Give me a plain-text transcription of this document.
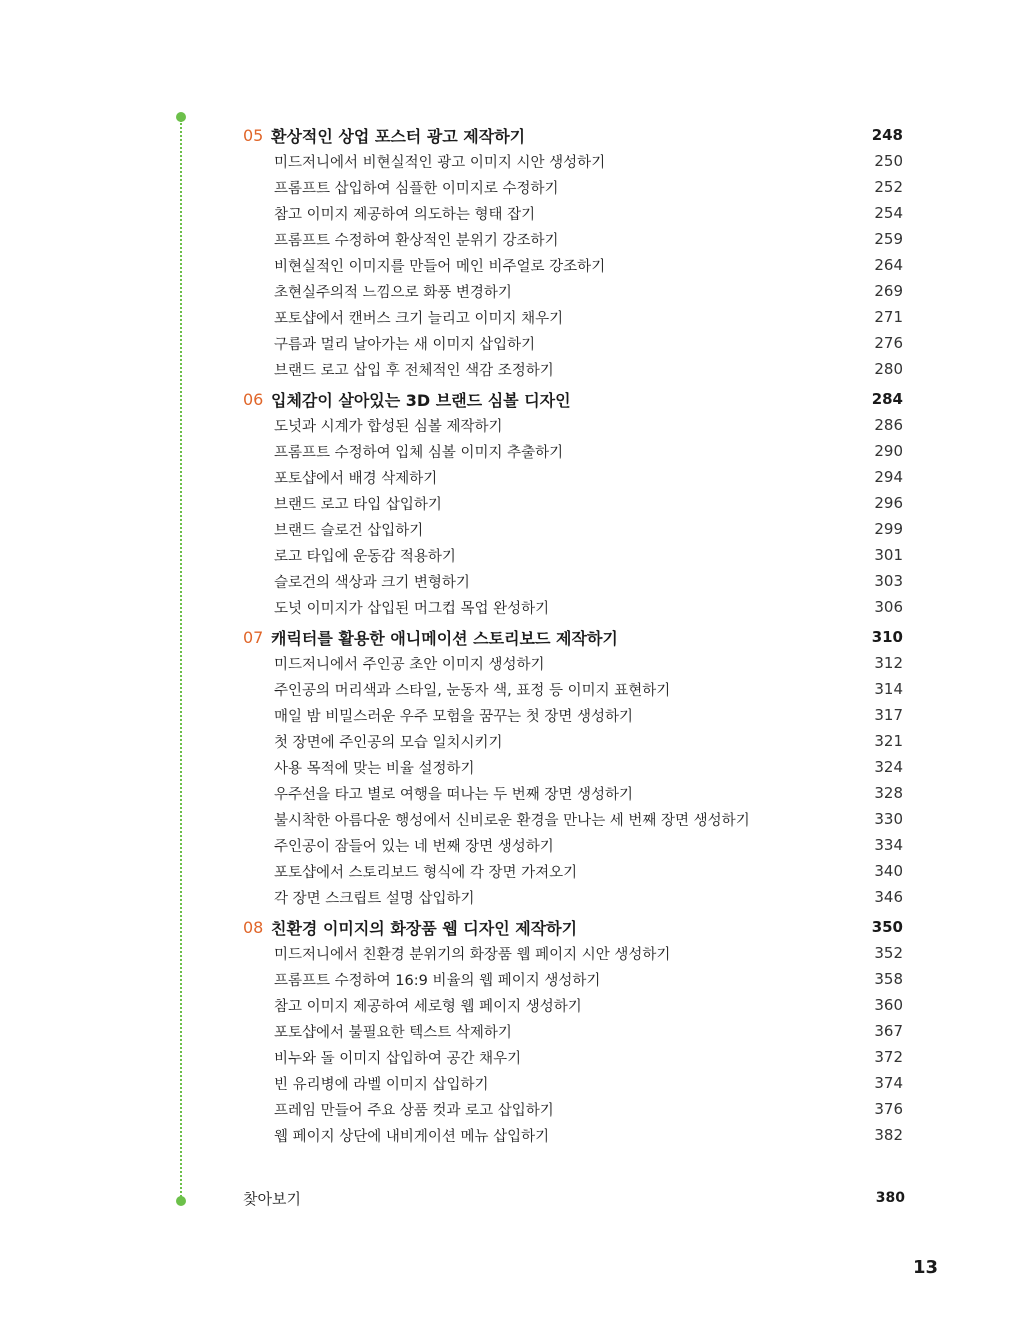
05 환상적인 상업 포스터 광고 제작하기	248
미드저니에서 비현실적인 광고 이미지 시안 생성하기	250
프롬프트 삽입하여 심플한 이미지로 수정하기	252
참고 이미지 제공하여 의도하는 형태 잡기	254
프롬프트 수정하여 환상적인 분위기 강조하기	259
비현실적인 이미지를 만들어 메인 비주얼로 강조하기	264
초현실주의적 느낌으로 화풍 변경하기	269
포토샵에서 캔버스 크기 늘리고 이미지 채우기	271
구름과 멀리 날아가는 새 이미지 삽입하기	276
브랜드 로고 삽입 후 전체적인 색감 조정하기	280
06 입체감이 살아있는 3D 브랜드 심볼 디자인	284
도넛과 시계가 합성된 심볼 제작하기	286
프롬프트 수정하여 입체 심볼 이미지 추출하기	290
포토샵에서 배경 삭제하기	294
브랜드 로고 타입 삽입하기	296
브랜드 슬로건 삽입하기	299
로고 타입에 운동감 적용하기	301
슬로건의 색상과 크기 변형하기	303
도넛 이미지가 삽입된 머그컵 목업 완성하기	306
07 캐릭터를 활용한 애니메이션 스토리보드 제작하기	310
미드저니에서 주인공 초안 이미지 생성하기	312
주인공의 머리색과 스타일, 눈동자 색, 표정 등 이미지 표현하기	314
매일 밤 비밀스러운 우주 모험을 꿈꾸는 첫 장면 생성하기	317
첫 장면에 주인공의 모습 일치시키기	321
사용 목적에 맞는 비율 설정하기	324
우주선을 타고 별로 여행을 떠나는 두 번째 장면 생성하기	328
불시착한 아름다운 행성에서 신비로운 환경을 만나는 세 번째 장면 생성하기	330
주인공이 잠들어 있는 네 번째 장면 생성하기	334
포토샵에서 스토리보드 형식에 각 장면 가져오기	340
각 장면 스크립트 설명 삽입하기	346
08 친환경 이미지의 화장품 웹 디자인 제작하기	350
미드저니에서 친환경 분위기의 화장품 웹 페이지 시안 생성하기	352
프롬프트 수정하여 16:9 비율의 웹 페이지 생성하기	358
참고 이미지 제공하여 세로형 웹 페이지 생성하기	360
포토샵에서 불필요한 텍스트 삭제하기	367
비누와 돌 이미지 삽입하여 공간 채우기	372
빈 유리병에 라벨 이미지 삽입하기	374
프레임 만들어 주요 상품 컷과 로고 삽입하기	376
웹 페이지 상단에 내비게이션 메뉴 삽입하기	382
찾아보기	380
13
